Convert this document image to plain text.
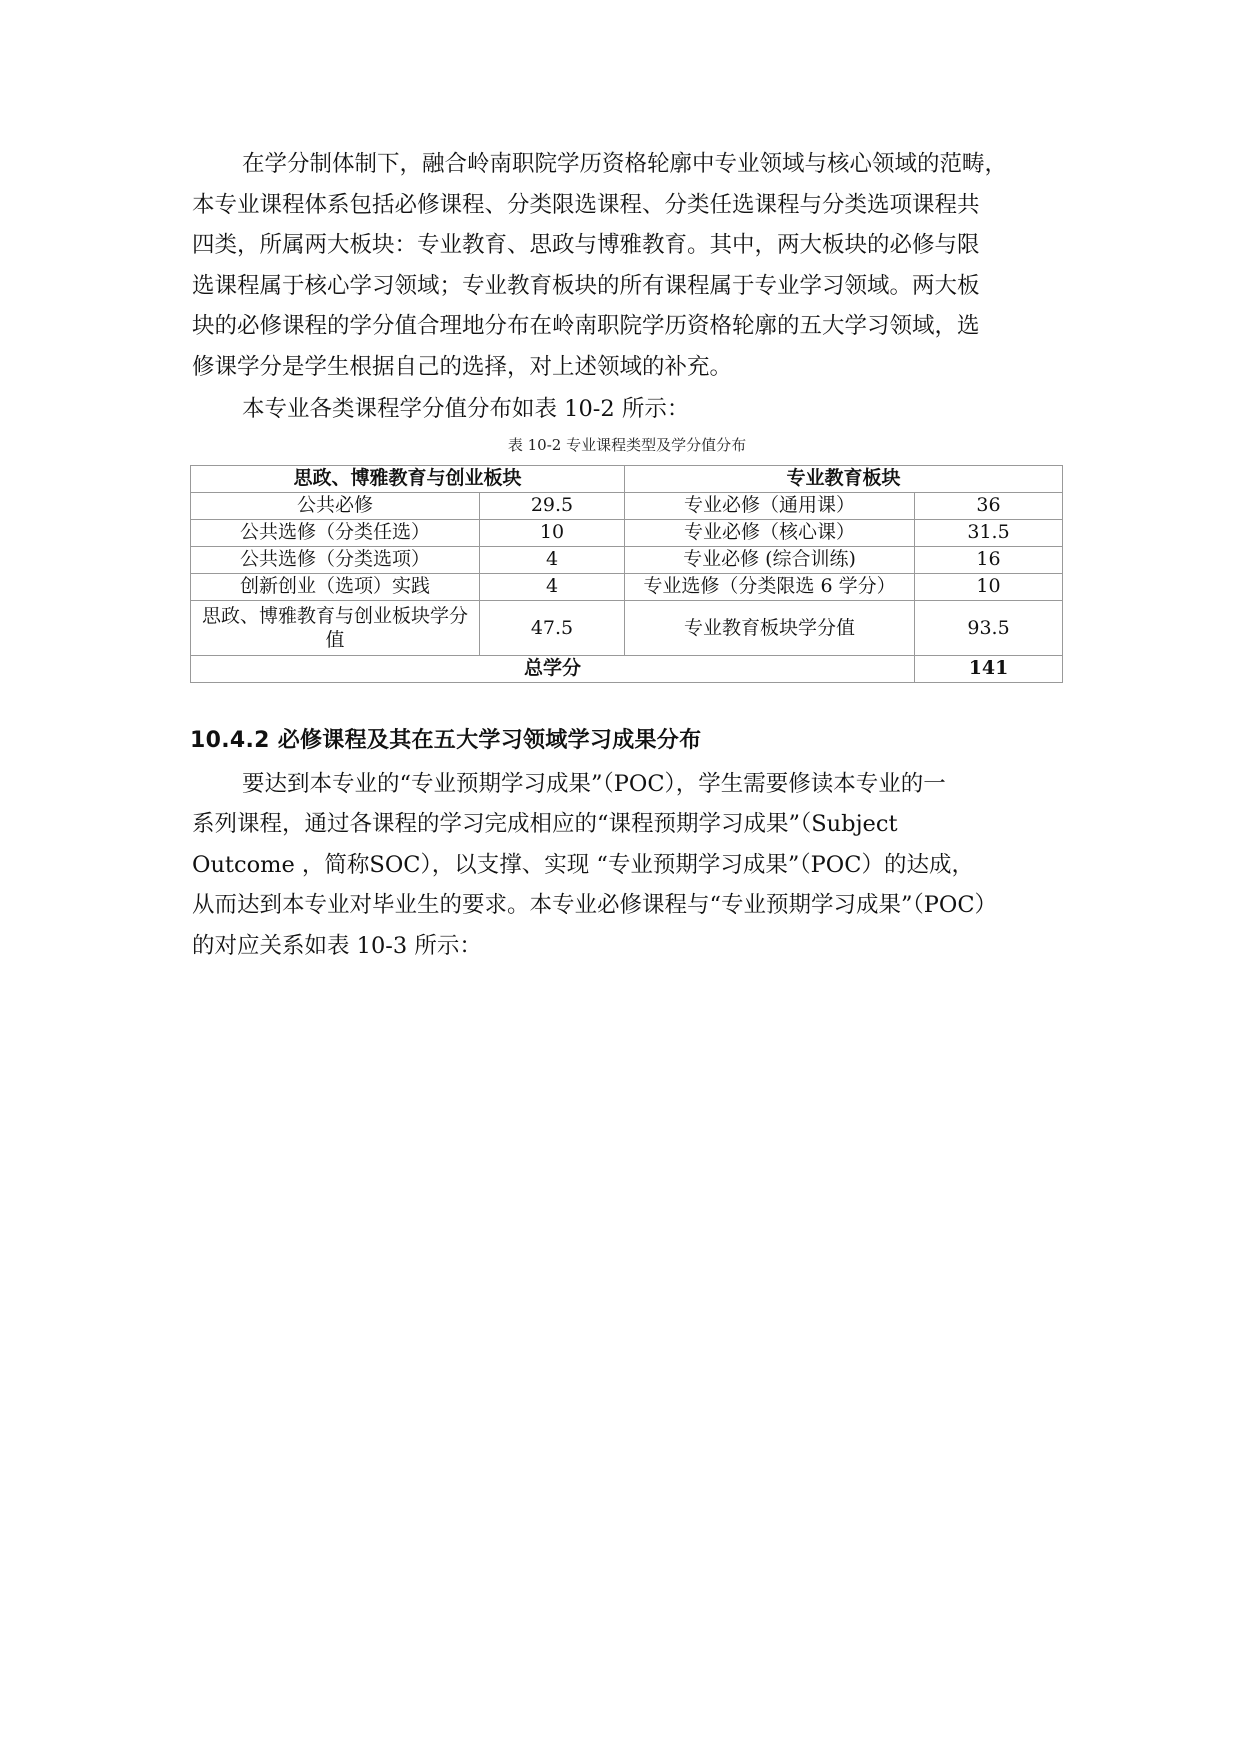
在学分制体制下，融合岭南职院学历资格轮廓中专业领域与核心领域的范畴，
本专业课程体系包括必修课程、分类限选课程、分类任选课程与分类选项课程共
四类，所属两大板块：专业教育、思政与博雅教育。其中，两大板块的必修与限
选课程属于核心学习领域；专业教育板块的所有课程属于专业学习领域。两大板
块的必修课程的学分值合理地分布在岭南职院学历资格轮廓的五大学习领域，选
修课学分是学生根据自己的选择，对上述领域的补充。

本专业各类课程学分值分布如表 10-2 所示：

表 10-2 专业课程类型及学分值分布
思政、博雅教育与创业板块		专业教育板块	
公共必修	29.5	专业必修（通用课）	36
公共选修（分类任选）	10	专业必修（核心课）	31.5
公共选修（分类选项）	4	专业必修 (综合训练)	16
创新创业（选项）实践	4	专业选修（分类限选 6 学分）	10
思政、博雅教育与创业板块学分值	47.5	专业教育板块学分值	93.5
总学分			141
10.4.2 必修课程及其在五大学习领域学习成果分布

要达到本专业的“专业预期学习成果”（POC），学生需要修读本专业的一
系列课程，通过各课程的学习完成相应的“课程预期学习成果”（Subject
Outcome ，简称SOC），以支撑、实现 “专业预期学习成果”（POC）的达成，
从而达到本专业对毕业生的要求。本专业必修课程与“专业预期学习成果”（POC）
的对应关系如表 10-3 所示：
